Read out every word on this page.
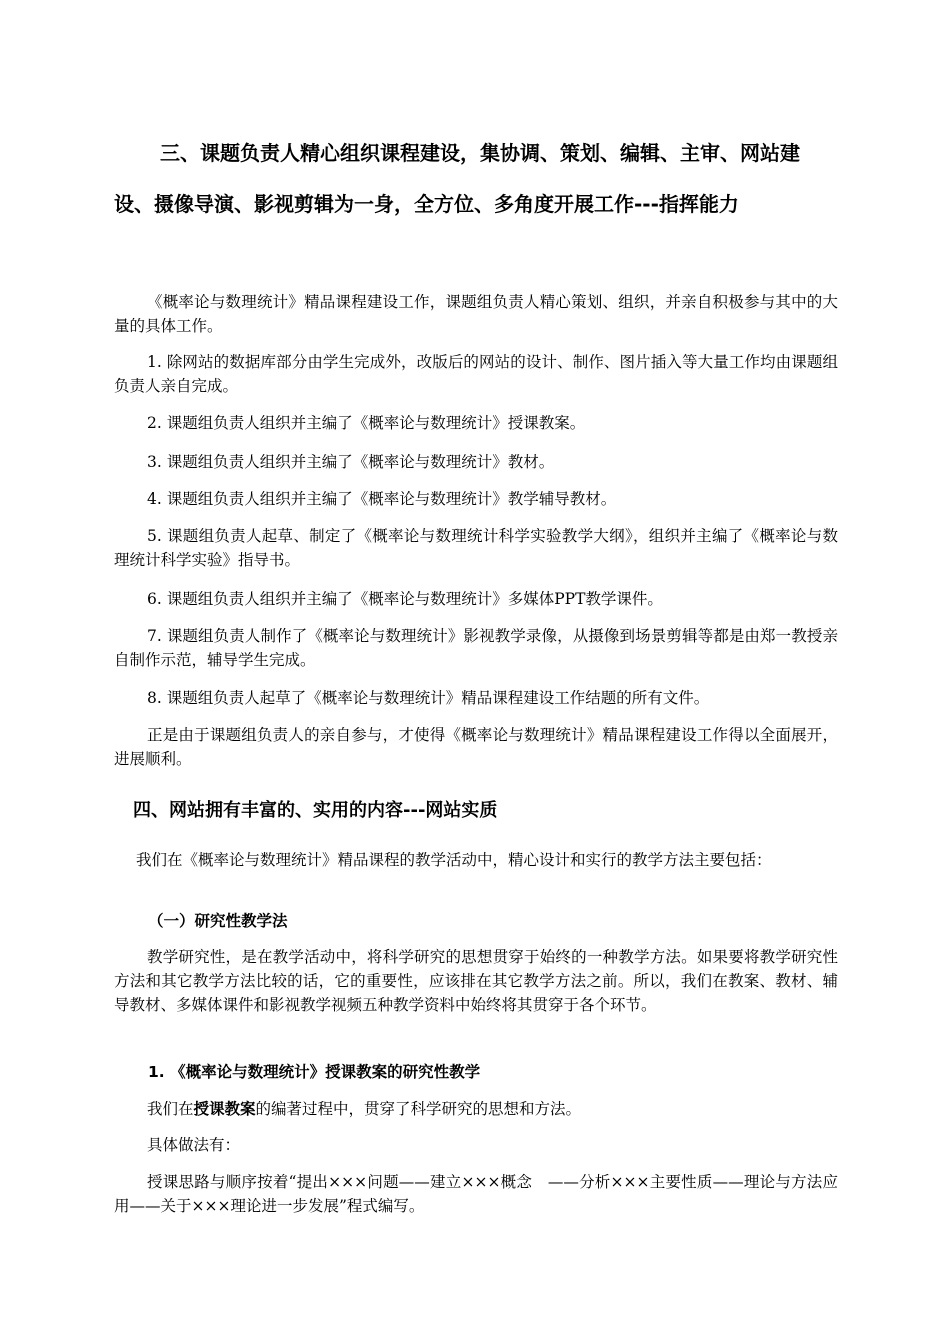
三、课题负责人精心组织课程建设，集协调、策划、编辑、主审、网站建设、摄像导演、影视剪辑为一身，全方位、多角度开展工作---指挥能力

《概率论与数理统计》精品课程建设工作，课题组负责人精心策划、组织，并亲自积极参与其中的大量的具体工作。

1. 除网站的数据库部分由学生完成外，改版后的网站的设计、制作、图片插入等大量工作均由课题组负责人亲自完成。

2. 课题组负责人组织并主编了《概率论与数理统计》授课教案。

3. 课题组负责人组织并主编了《概率论与数理统计》教材。

4. 课题组负责人组织并主编了《概率论与数理统计》教学辅导教材。

5. 课题组负责人起草、制定了《概率论与数理统计科学实验教学大纲》，组织并主编了《概率论与数理统计科学实验》指导书。

6. 课题组负责人组织并主编了《概率论与数理统计》多媒体PPT教学课件。

7. 课题组负责人制作了《概率论与数理统计》影视教学录像，从摄像到场景剪辑等都是由郑一教授亲自制作示范，辅导学生完成。

8. 课题组负责人起草了《概率论与数理统计》精品课程建设工作结题的所有文件。

正是由于课题组负责人的亲自参与，才使得《概率论与数理统计》精品课程建设工作得以全面展开，进展顺利。

四、网站拥有丰富的、实用的内容---网站实质

我们在《概率论与数理统计》精品课程的教学活动中，精心设计和实行的教学方法主要包括：

（一）研究性教学法

教学研究性，是在教学活动中，将科学研究的思想贯穿于始终的一种教学方法。如果要将教学研究性方法和其它教学方法比较的话，它的重要性，应该排在其它教学方法之前。所以，我们在教案、教材、辅导教材、多媒体课件和影视教学视频五种教学资料中始终将其贯穿于各个环节。

1. 《概率论与数理统计》授课教案的研究性教学

我们在授课教案的编著过程中，贯穿了科学研究的思想和方法。

具体做法有：

授课思路与顺序按着“提出×××问题——建立×××概念　——分析×××主要性质——理论与方法应用——关于×××理论进一步发展”程式编写。
